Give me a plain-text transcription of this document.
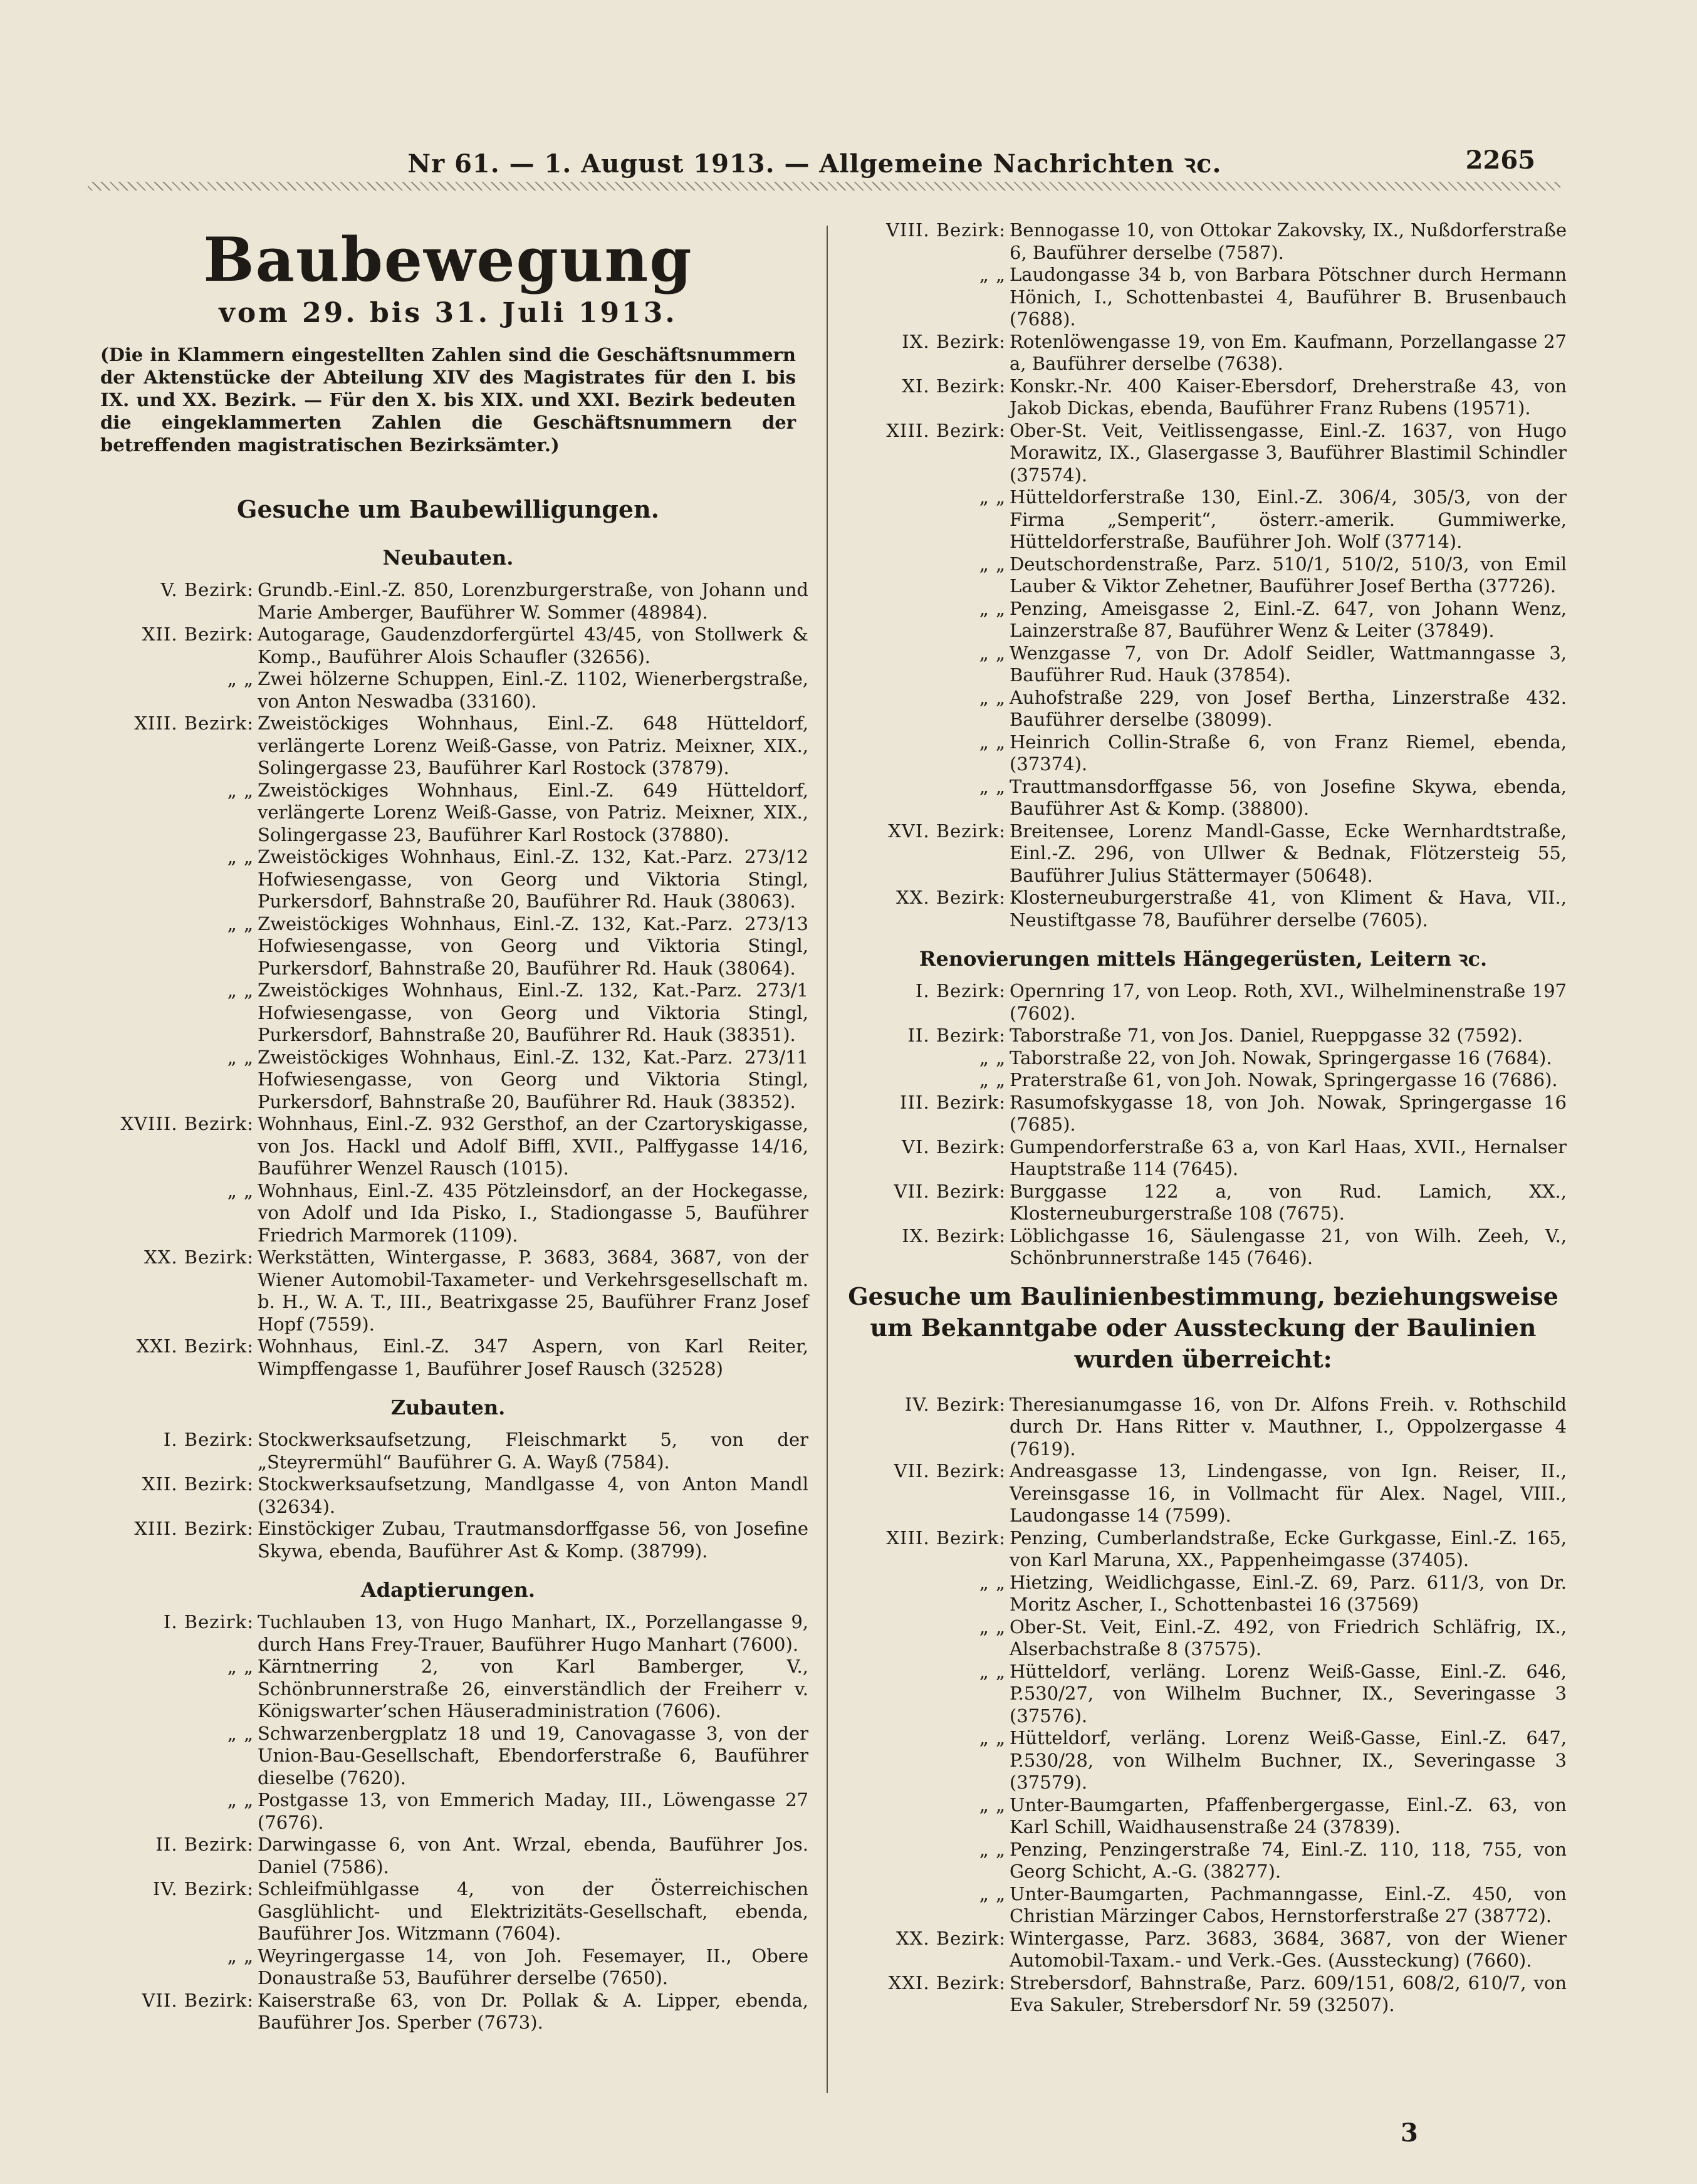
Nr 61. — 1. August 1913. — Allgemeine Nachrichten ꝛc.	2265
Baubewegung
vom 29. bis 31. Juli 1913.
(Die in Klammern eingestellten Zahlen sind die Geschäftsnummern der Aktenstücke der Abteilung XIV des Magistrates für den I. bis IX. und XX. Bezirk. — Für den X. bis XIX. und XXI. Bezirk bedeuten die eingeklammerten Zahlen die Geschäftsnummern der betreffenden magistratischen Bezirksämter.)
Gesuche um Baubewilligungen.
Neubauten.
V. Bezirk: Grundb.-Einl.-Z. 850, Lorenzburgerstraße, von Johann und Marie Amberger, Bauführer W. Sommer (48984).
XII. Bezirk: Autogarage, Gaudenzdorfergürtel 43/45, von Stollwerk & Komp., Bauführer Alois Schaufler (32656).
„ „ Zwei hölzerne Schuppen, Einl.-Z. 1102, Wienerbergstraße, von Anton Neswadba (33160).
XIII. Bezirk: Zweistöckiges Wohnhaus, Einl.-Z. 648 Hütteldorf, verlängerte Lorenz Weiß-Gasse, von Patriz. Meixner, XIX., Solingergasse 23, Bauführer Karl Rostock (37879).
„ „ Zweistöckiges Wohnhaus, Einl.-Z. 649 Hütteldorf, verlängerte Lorenz Weiß-Gasse, von Patriz. Meixner, XIX., Solingergasse 23, Bauführer Karl Rostock (37880).
„ „ Zweistöckiges Wohnhaus, Einl.-Z. 132, Kat.-Parz. 273/12 Hofwiesengasse, von Georg und Viktoria Stingl, Purkersdorf, Bahnstraße 20, Bauführer Rd. Hauk (38063).
„ „ Zweistöckiges Wohnhaus, Einl.-Z. 132, Kat.-Parz. 273/13 Hofwiesengasse, von Georg und Viktoria Stingl, Purkersdorf, Bahnstraße 20, Bauführer Rd. Hauk (38064).
„ „ Zweistöckiges Wohnhaus, Einl.-Z. 132, Kat.-Parz. 273/1 Hofwiesengasse, von Georg und Viktoria Stingl, Purkersdorf, Bahnstraße 20, Bauführer Rd. Hauk (38351).
„ „ Zweistöckiges Wohnhaus, Einl.-Z. 132, Kat.-Parz. 273/11 Hofwiesengasse, von Georg und Viktoria Stingl, Purkersdorf, Bahnstraße 20, Bauführer Rd. Hauk (38352).
XVIII. Bezirk: Wohnhaus, Einl.-Z. 932 Gersthof, an der Czartoryskigasse, von Jos. Hackl und Adolf Biffl, XVII., Palffygasse 14/16, Bauführer Wenzel Rausch (1015).
„ „ Wohnhaus, Einl.-Z. 435 Pötzleinsdorf, an der Hockegasse, von Adolf und Ida Pisko, I., Stadiongasse 5, Bauführer Friedrich Marmorek (1109).
XX. Bezirk: Werkstätten, Wintergasse, P. 3683, 3684, 3687, von der Wiener Automobil-Taxameter- und Verkehrsgesellschaft m. b. H., W. A. T., III., Beatrixgasse 25, Bauführer Franz Josef Hopf (7559).
XXI. Bezirk: Wohnhaus, Einl.-Z. 347 Aspern, von Karl Reiter, Wimpffengasse 1, Bauführer Josef Rausch (32528)
Zubauten.
I. Bezirk: Stockwerksaufsetzung, Fleischmarkt 5, von der „Steyrermühl“ Bauführer G. A. Wayß (7584).
XII. Bezirk: Stockwerksaufsetzung, Mandlgasse 4, von Anton Mandl (32634).
XIII. Bezirk: Einstöckiger Zubau, Trautmansdorffgasse 56, von Josefine Skywa, ebenda, Bauführer Ast & Komp. (38799).
Adaptierungen.
I. Bezirk: Tuchlauben 13, von Hugo Manhart, IX., Porzellangasse 9, durch Hans Frey-Trauer, Bauführer Hugo Manhart (7600).
„ „ Kärntnerring 2, von Karl Bamberger, V., Schönbrunnerstraße 26, einverständlich der Freiherr v. Königswarter’schen Häuseradministration (7606).
„ „ Schwarzenbergplatz 18 und 19, Canovagasse 3, von der Union-Bau-Gesellschaft, Ebendorferstraße 6, Bauführer dieselbe (7620).
„ „ Postgasse 13, von Emmerich Maday, III., Löwengasse 27 (7676).
II. Bezirk: Darwingasse 6, von Ant. Wrzal, ebenda, Bauführer Jos. Daniel (7586).
IV. Bezirk: Schleifmühlgasse 4, von der Österreichischen Gasglühlicht- und Elektrizitäts-Gesellschaft, ebenda, Bauführer Jos. Witzmann (7604).
„ „ Weyringergasse 14, von Joh. Fesemayer, II., Obere Donaustraße 53, Bauführer derselbe (7650).
VII. Bezirk: Kaiserstraße 63, von Dr. Pollak & A. Lipper, ebenda, Bauführer Jos. Sperber (7673).
VIII. Bezirk: Bennogasse 10, von Ottokar Zakovsky, IX., Nußdorferstraße 6, Bauführer derselbe (7587).
„ „ Laudongasse 34 b, von Barbara Pötschner durch Hermann Hönich, I., Schottenbastei 4, Bauführer B. Brusenbauch (7688).
IX. Bezirk: Rotenlöwengasse 19, von Em. Kaufmann, Porzellangasse 27 a, Bauführer derselbe (7638).
XI. Bezirk: Konskr.-Nr. 400 Kaiser-Ebersdorf, Dreherstraße 43, von Jakob Dickas, ebenda, Bauführer Franz Rubens (19571).
XIII. Bezirk: Ober-St. Veit, Veitlissengasse, Einl.-Z. 1637, von Hugo Morawitz, IX., Glasergasse 3, Bauführer Blastimil Schindler (37574).
„ „ Hütteldorferstraße 130, Einl.-Z. 306/4, 305/3, von der Firma „Semperit“, österr.-amerik. Gummiwerke, Hütteldorferstraße, Bauführer Joh. Wolf (37714).
„ „ Deutschordenstraße, Parz. 510/1, 510/2, 510/3, von Emil Lauber & Viktor Zehetner, Bauführer Josef Bertha (37726).
„ „ Penzing, Ameisgasse 2, Einl.-Z. 647, von Johann Wenz, Lainzerstraße 87, Bauführer Wenz & Leiter (37849).
„ „ Wenzgasse 7, von Dr. Adolf Seidler, Wattmanngasse 3, Bauführer Rud. Hauk (37854).
„ „ Auhofstraße 229, von Josef Bertha, Linzerstraße 432. Bauführer derselbe (38099).
„ „ Heinrich Collin-Straße 6, von Franz Riemel, ebenda, (37374).
„ „ Trauttmansdorffgasse 56, von Josefine Skywa, ebenda, Bauführer Ast & Komp. (38800).
XVI. Bezirk: Breitensee, Lorenz Mandl-Gasse, Ecke Wernhardtstraße, Einl.-Z. 296, von Ullwer & Bednak, Flötzersteig 55, Bauführer Julius Stättermayer (50648).
XX. Bezirk: Klosterneuburgerstraße 41, von Kliment & Hava, VII., Neustiftgasse 78, Bauführer derselbe (7605).
Renovierungen mittels Hängegerüsten, Leitern ꝛc.
I. Bezirk: Opernring 17, von Leop. Roth, XVI., Wilhelminenstraße 197 (7602).
II. Bezirk: Taborstraße 71, von Jos. Daniel, Rueppgasse 32 (7592).
„ „ Taborstraße 22, von Joh. Nowak, Springergasse 16 (7684).
„ „ Praterstraße 61, von Joh. Nowak, Springergasse 16 (7686).
III. Bezirk: Rasumofskygasse 18, von Joh. Nowak, Springergasse 16 (7685).
VI. Bezirk: Gumpendorferstraße 63 a, von Karl Haas, XVII., Hernalser Hauptstraße 114 (7645).
VII. Bezirk: Burggasse 122 a, von Rud. Lamich, XX., Klosterneuburgerstraße 108 (7675).
IX. Bezirk: Löblichgasse 16, Säulengasse 21, von Wilh. Zeeh, V., Schönbrunnerstraße 145 (7646).
Gesuche um Baulinienbestimmung, beziehungsweise um Bekanntgabe oder Aussteckung der Baulinien wurden überreicht:
IV. Bezirk: Theresianumgasse 16, von Dr. Alfons Freih. v. Rothschild durch Dr. Hans Ritter v. Mauthner, I., Oppolzergasse 4 (7619).
VII. Bezirk: Andreasgasse 13, Lindengasse, von Ign. Reiser, II., Vereinsgasse 16, in Vollmacht für Alex. Nagel, VIII., Laudongasse 14 (7599).
XIII. Bezirk: Penzing, Cumberlandstraße, Ecke Gurkgasse, Einl.-Z. 165, von Karl Maruna, XX., Pappenheimgasse (37405).
„ „ Hietzing, Weidlichgasse, Einl.-Z. 69, Parz. 611/3, von Dr. Moritz Ascher, I., Schottenbastei 16 (37569)
„ „ Ober-St. Veit, Einl.-Z. 492, von Friedrich Schläfrig, IX., Alserbachstraße 8 (37575).
„ „ Hütteldorf, verläng. Lorenz Weiß-Gasse, Einl.-Z. 646, P.530/27, von Wilhelm Buchner, IX., Severingasse 3 (37576).
„ „ Hütteldorf, verläng. Lorenz Weiß-Gasse, Einl.-Z. 647, P.530/28, von Wilhelm Buchner, IX., Severingasse 3 (37579).
„ „ Unter-Baumgarten, Pfaffenbergergasse, Einl.-Z. 63, von Karl Schill, Waidhausenstraße 24 (37839).
„ „ Penzing, Penzingerstraße 74, Einl.-Z. 110, 118, 755, von Georg Schicht, A.-G. (38277).
„ „ Unter-Baumgarten, Pachmanngasse, Einl.-Z. 450, von Christian Märzinger Cabos, Hernstorferstraße 27 (38772).
XX. Bezirk: Wintergasse, Parz. 3683, 3684, 3687, von der Wiener Automobil-Taxam.- und Verk.-Ges. (Aussteckung) (7660).
XXI. Bezirk: Strebersdorf, Bahnstraße, Parz. 609/151, 608/2, 610/7, von Eva Sakuler, Strebersdorf Nr. 59 (32507).
3
